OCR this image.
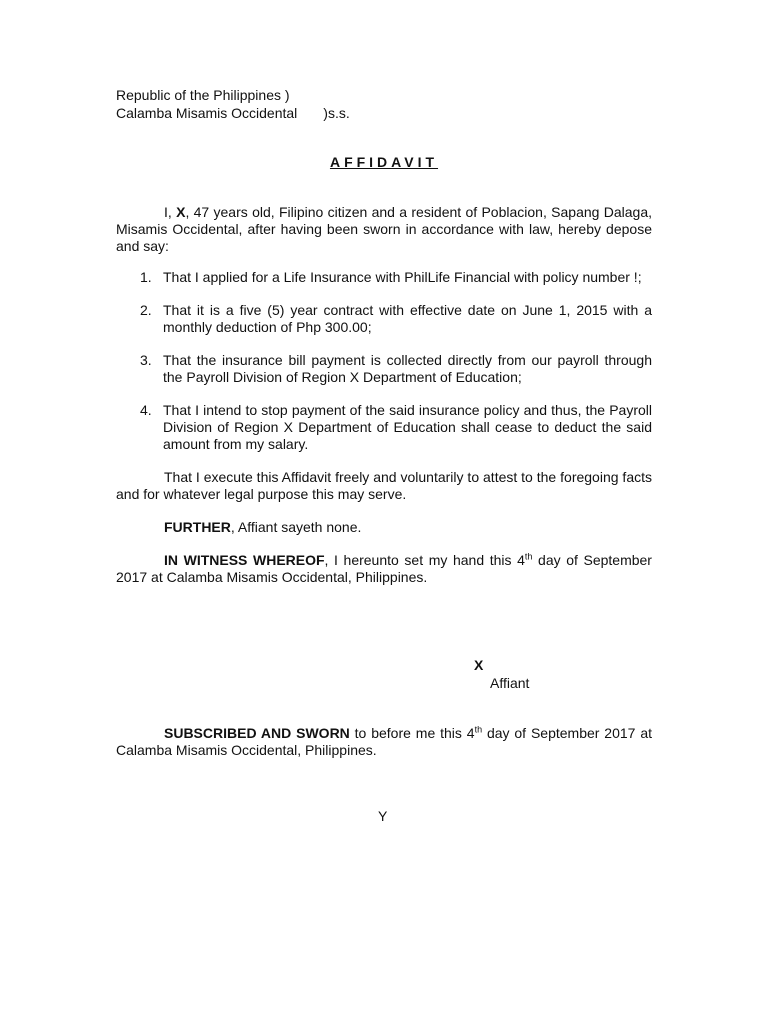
Republic of the Philippines )
Calamba Misamis Occidental )s.s.
AFFIDAVIT

I, X, 47 years old, Filipino citizen and a resident of Poblacion, Sapang Dalaga, Misamis Occidental, after having been sworn in accordance with law, hereby depose and say:

1. That I applied for a Life Insurance with PhilLife Financial with policy number !;
2. That it is a five (5) year contract with effective date on June 1, 2015 with a monthly deduction of Php 300.00;
3. That the insurance bill payment is collected directly from our payroll through the Payroll Division of Region X Department of Education;
4. That I intend to stop payment of the said insurance policy and thus, the Payroll Division of Region X Department of Education shall cease to deduct the said amount from my salary.

That I execute this Affidavit freely and voluntarily to attest to the foregoing facts and for whatever legal purpose this may serve.

FURTHER, Affiant sayeth none.

IN WITNESS WHEREOF, I hereunto set my hand this 4th day of September 2017 at Calamba Misamis Occidental, Philippines.

X
Affiant

SUBSCRIBED AND SWORN to before me this 4th day of September 2017 at Calamba Misamis Occidental, Philippines.

Y
